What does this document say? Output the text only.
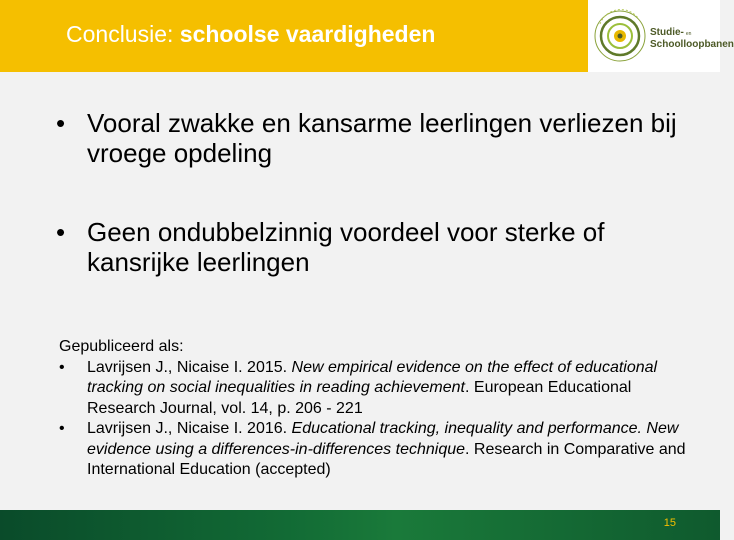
Conclusie: schoolse vaardigheden	Studie- en
Schoolloopbanen
• Vooral zwakke en kansarme leerlingen verliezen bij vroege opdeling
• Geen ondubbelzinnig voordeel voor sterke of kansrijke leerlingen
Gepubliceerd als:
• Lavrijsen J., Nicaise I. 2015. New empirical evidence on the effect of educational tracking on social inequalities in reading achievement. European Educational Research Journal, vol. 14, p. 206 - 221
• Lavrijsen J., Nicaise I. 2016. Educational tracking, inequality and performance. New evidence using a differences-in-differences technique. Research in Comparative and International Education (accepted)
15
